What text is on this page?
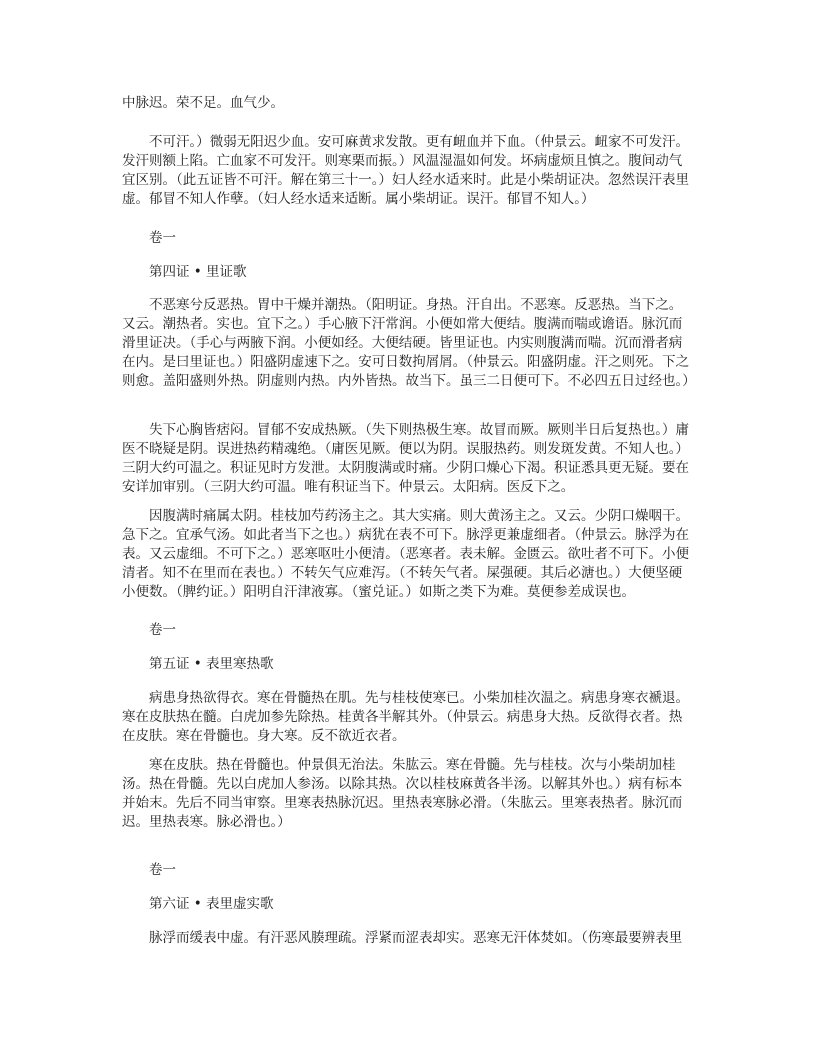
中脉迟。荣不足。血气少。

不可汗。）微弱无阳迟少血。安可麻黄求发散。更有衄血并下血。（仲景云。衄家不可发汗。发汗则额上陷。亡血家不可发汗。则寒栗而振。）风温湿温如何发。坏病虚烦且慎之。腹间动气宜区别。（此五证皆不可汗。解在第三十一。）妇人经水适来时。此是小柴胡证决。忽然误汗表里虚。郁冒不知人作孽。（妇人经水适来适断。属小柴胡证。误汗。郁冒不知人。）

卷一

第四证 • 里证歌

不恶寒兮反恶热。胃中干燥并潮热。（阳明证。身热。汗自出。不恶寒。反恶热。当下之。又云。潮热者。实也。宜下之。）手心腋下汗常润。小便如常大便结。腹满而喘或谵语。脉沉而滑里证决。（手心与两腋下润。小便如经。大便结硬。皆里证也。内实则腹满而喘。沉而滑者病在内。是曰里证也。）阳盛阴虚速下之。安可日数拘屑屑。（仲景云。阳盛阴虚。汗之则死。下之则愈。盖阳盛则外热。阴虚则内热。内外皆热。故当下。虽三二日便可下。不必四五日过经也。）

失下心胸皆痞闷。冒郁不安成热厥。（失下则热极生寒。故冒而厥。厥则半日后复热也。）庸医不晓疑是阴。误进热药精魂绝。（庸医见厥。便以为阴。误服热药。则发斑发黄。不知人也。）三阴大约可温之。积证见时方发泄。太阴腹满或时痛。少阴口燥心下渴。积证悉具更无疑。要在安详加审别。（三阴大约可温。唯有积证当下。仲景云。太阳病。医反下之。

因腹满时痛属太阴。桂枝加芍药汤主之。其大实痛。则大黄汤主之。又云。少阴口燥咽干。急下之。宜承气汤。如此者当下之也。）病犹在表不可下。脉浮更兼虚细者。（仲景云。脉浮为在表。又云虚细。不可下之。）恶寒呕吐小便清。（恶寒者。表未解。金匮云。欲吐者不可下。小便清者。知不在里而在表也。）不转矢气应难泻。（不转矢气者。屎强硬。其后必溏也。）大便坚硬小便数。（脾约证。）阳明自汗津液寡。（蜜兑证。）如斯之类下为难。莫便参差成误也。

卷一

第五证 • 表里寒热歌

病患身热欲得衣。寒在骨髓热在肌。先与桂枝使寒已。小柴加桂次温之。病患身寒衣褫退。寒在皮肤热在髓。白虎加参先除热。桂黄各半解其外。（仲景云。病患身大热。反欲得衣者。热在皮肤。寒在骨髓也。身大寒。反不欲近衣者。

寒在皮肤。热在骨髓也。仲景俱无治法。朱肱云。寒在骨髓。先与桂枝。次与小柴胡加桂汤。热在骨髓。先以白虎加人参汤。以除其热。次以桂枝麻黄各半汤。以解其外也。）病有标本并始末。先后不同当审察。里寒表热脉沉迟。里热表寒脉必滑。（朱肱云。里寒表热者。脉沉而迟。里热表寒。脉必滑也。）

卷一

第六证 • 表里虚实歌

脉浮而缓表中虚。有汗恶风腠理疏。浮紧而涩表却实。恶寒无汗体焚如。（伤寒最要辨表里
